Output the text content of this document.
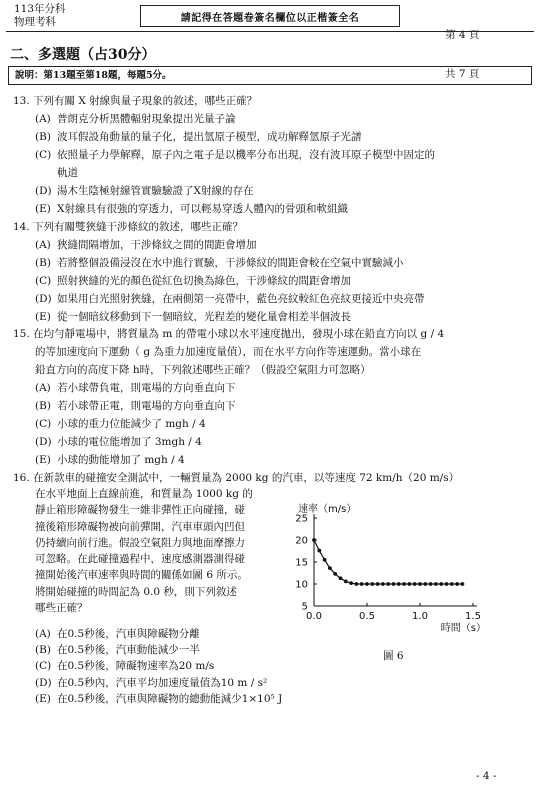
113年分科
物理考科	請記得在答題卷簽名欄位以正楷簽全名

第 4 頁

共 7 頁

二、多選題（占30分）
說明：第13題至第18題，每題5分。
13. 下列有關 X 射線與量子現象的敘述，哪些正確？
(A) 普朗克分析黑體輻射現象提出光量子論
(B) 波耳假設角動量的量子化，提出氫原子模型，成功解釋氫原子光譜
(C) 依照量子力學解釋，原子內之電子是以機率分布出現，沒有波耳原子模型中固定的
軌道
(D) 湯木生陰極射線管實驗驗證了X射線的存在
(E) X射線具有很強的穿透力，可以輕易穿透人體內的骨頭和軟組織
14. 下列有關雙狹縫干涉條紋的敘述，哪些正確？
(A) 狹縫間隔增加，干涉條紋之間的間距會增加
(B) 若將整個設備浸沒在水中進行實驗，干涉條紋的間距會較在空氣中實驗減小
(C) 照射狹縫的光的顏色從紅色切換為綠色，干涉條紋的間距會增加
(D) 如果用白光照射狹縫，在兩側第一亮帶中，藍色亮紋較紅色亮紋更接近中央亮帶
(E) 從一個暗紋移動到下一個暗紋，光程差的變化量會相差半個波長
15. 在均勻靜電場中，將質量為 m 的帶電小球以水平速度拋出，發現小球在鉛直方向以 g / 4
的等加速度向下運動（ g 為重力加速度量值），而在水平方向作等速運動。當小球在
鉛直方向的高度下降 h時，下列敘述哪些正確？（假設空氣阻力可忽略）
(A) 若小球帶負電，則電場的方向垂直向下
(B) 若小球帶正電，則電場的方向垂直向下
(C) 小球的重力位能減少了 mgh / 4
(D) 小球的電位能增加了 3mgh / 4
(E) 小球的動能增加了 mgh / 4
16. 在新款車的碰撞安全測試中，一輛質量為 2000 kg 的汽車，以等速度 72 km/h（20 m/s）
在水平地面上直線前進，和質量為 1000 kg 的
靜止箱形障礙物發生一維非彈性正向碰撞，碰
撞後箱形障礙物被向前彈開，汽車車頭內凹但
仍持續向前行進。假設空氣阻力與地面摩擦力
可忽略。在此碰撞過程中，速度感測器測得碰
撞開始後汽車速率與時間的關係如圖 6 所示。
將開始碰撞的時間記為 0.0 秒，則下列敘述
哪些正確？
速率（m/s）
5
10
15
20
25
0.0	0.5	1.0	1.5
時間（s）
(A) 在0.5秒後，汽車與障礙物分離
(B) 在0.5秒後，汽車動能減少一半
(C) 在0.5秒後，障礙物速率為20 m/s
(D) 在0.5秒內，汽車平均加速度量值為10 m / s²
(E) 在0.5秒後，汽車與障礙物的總動能減少1×10⁵ J
圖 6
- 4 -
